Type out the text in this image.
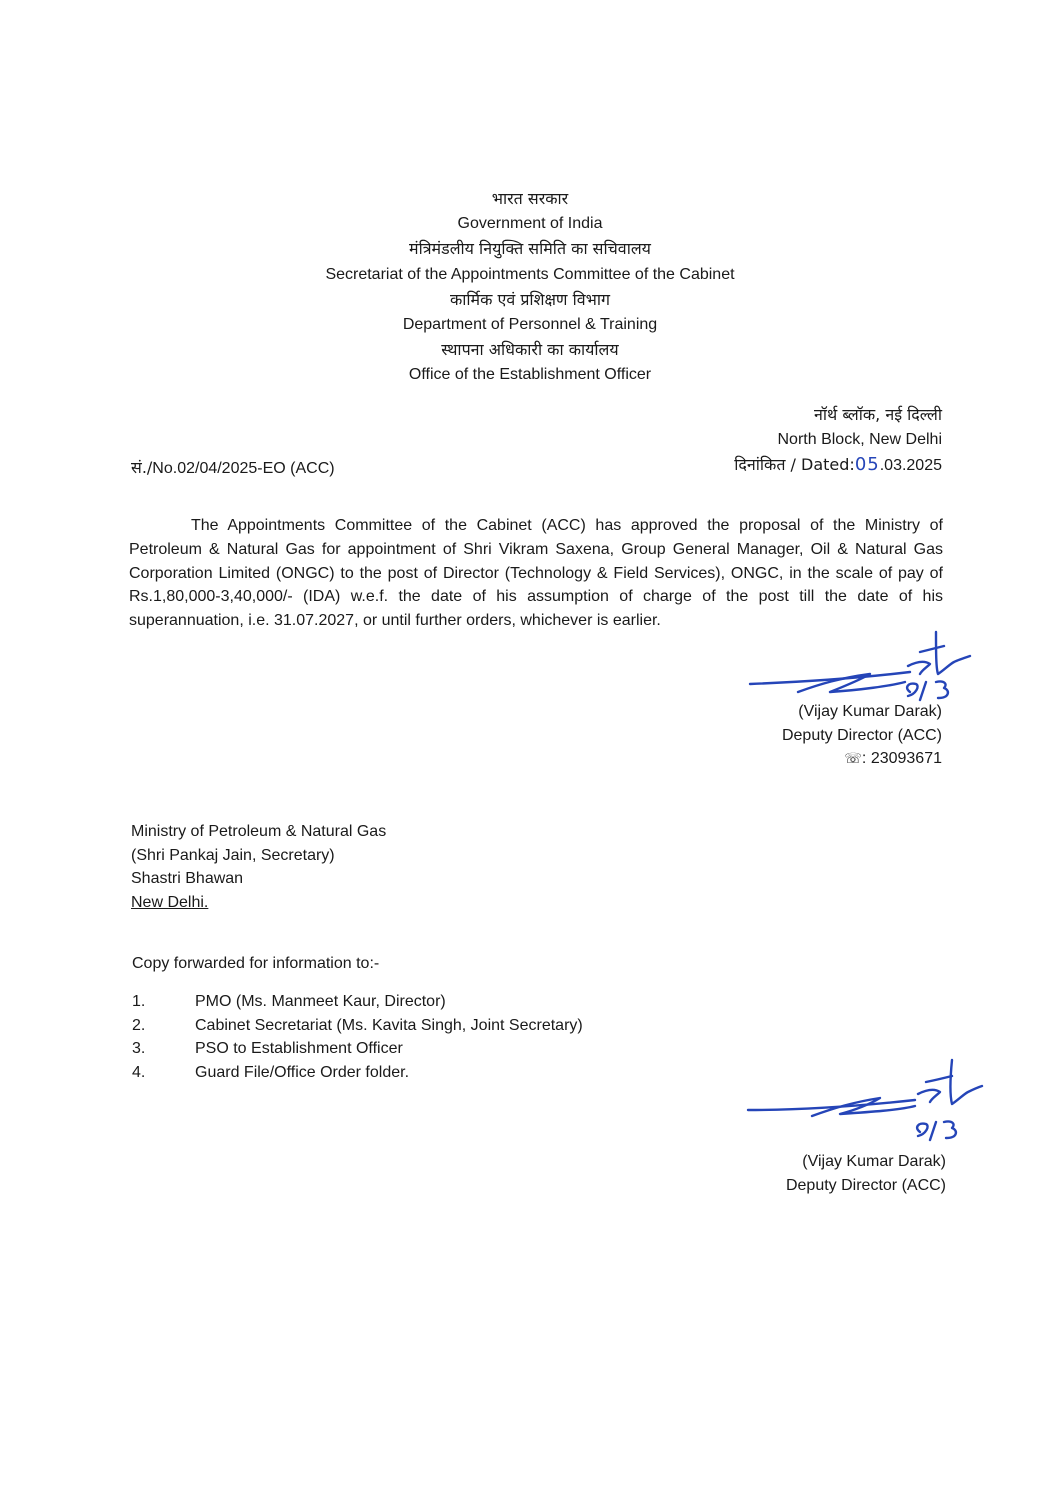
भारत सरकार
Government of India
मंत्रिमंडलीय नियुक्ति समिति का सचिवालय
Secretariat of the Appointments Committee of the Cabinet
कार्मिक एवं प्रशिक्षण विभाग
Department of Personnel & Training
स्थापना अधिकारी का कार्यालय
Office of the Establishment Officer
नॉर्थ ब्लॉक, नई दिल्ली
North Block, New Delhi
दिनांकित / Dated:05.03.2025
सं./No.02/04/2025-EO (ACC)
The Appointments Committee of the Cabinet (ACC) has approved the proposal of the Ministry of Petroleum & Natural Gas for appointment of Shri Vikram Saxena, Group General Manager, Oil & Natural Gas Corporation Limited (ONGC) to the post of Director (Technology & Field Services), ONGC, in the scale of pay of Rs.1,80,000-3,40,000/- (IDA) w.e.f. the date of his assumption of charge of the post till the date of his superannuation, i.e. 31.07.2027, or until further orders, whichever is earlier.
(Vijay Kumar Darak)
Deputy Director (ACC)
☏: 23093671
Ministry of Petroleum & Natural Gas
(Shri Pankaj Jain, Secretary)
Shastri Bhawan
New Delhi.
Copy forwarded for information to:-
1.	PMO (Ms. Manmeet Kaur, Director)
2.	Cabinet Secretariat (Ms. Kavita Singh, Joint Secretary)
3.	PSO to Establishment Officer
4.	Guard File/Office Order folder.
(Vijay Kumar Darak)
Deputy Director (ACC)
